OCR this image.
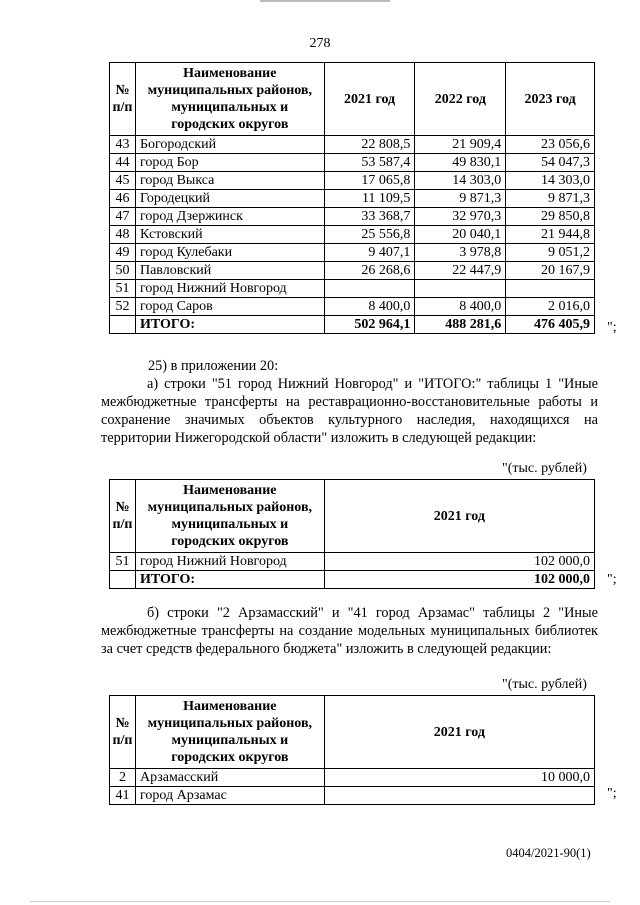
278
№ п/п	Наименование муниципальных районов, муниципальных и городских округов	2021 год	2022 год	2023 год
43	Богородский	22 808,5	21 909,4	23 056,6
44	город Бор	53 587,4	49 830,1	54 047,3
45	город Выкса	17 065,8	14 303,0	14 303,0
46	Городецкий	11 109,5	9 871,3	9 871,3
47	город Дзержинск	33 368,7	32 970,3	29 850,8
48	Кстовский	25 556,8	20 040,1	21 944,8
49	город Кулебаки	9 407,1	3 978,8	9 051,2
50	Павловский	26 268,6	22 447,9	20 167,9
51	город Нижний Новгород			
52	город Саров	8 400,0	8 400,0	2 016,0
	ИТОГО:	502 964,1	488 281,6	476 405,9 ";
25) в приложении 20:
а) строки "51 город Нижний Новгород" и "ИТОГО:" таблицы 1 "Иные межбюджетные трансферты на реставрационно-восстановительные работы и сохранение значимых объектов культурного наследия, находящихся на территории Нижегородской области" изложить в следующей редакции:
"(тыс. рублей)
№ п/п	Наименование муниципальных районов, муниципальных и городских округов	2021 год
51	город Нижний Новгород	102 000,0
	ИТОГО:	102 000,0 ";
б) строки "2 Арзамасский" и "41 город Арзамас" таблицы 2 "Иные межбюджетные трансферты на создание модельных муниципальных библиотек за счет средств федерального бюджета" изложить в следующей редакции:
"(тыс. рублей)
№ п/п	Наименование муниципальных районов, муниципальных и городских округов	2021 год
2	Арзамасский	10 000,0
41	город Арзамас		";
0404/2021-90(1)
